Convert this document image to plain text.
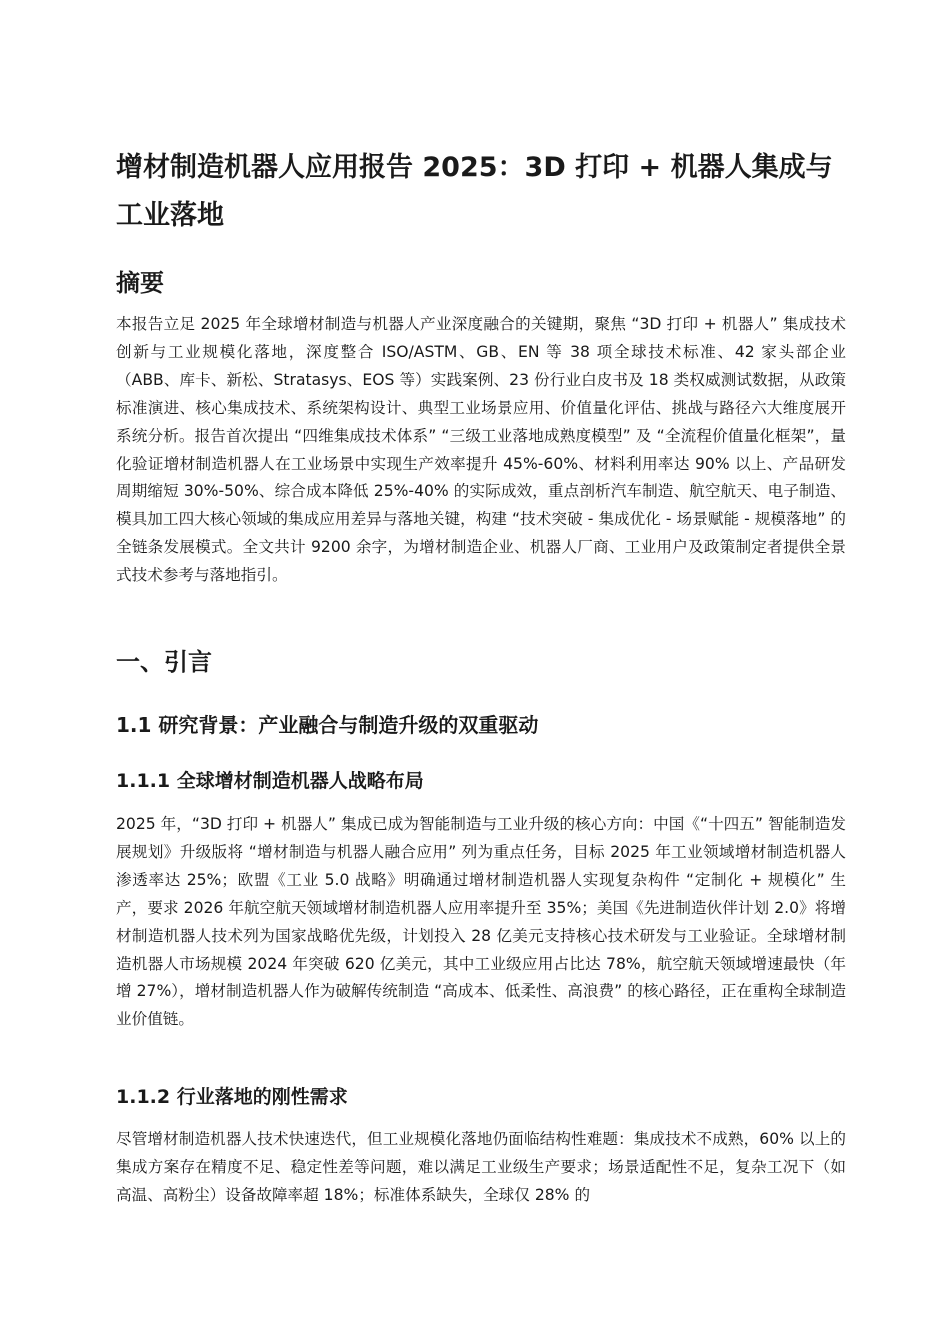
增材制造机器人应用报告 2025：3D 打印 + 机器人集成与工业落地
摘要

本报告立足 2025 年全球增材制造与机器人产业深度融合的关键期，聚焦 “3D 打印 + 机器人” 集成技术创新与工业规模化落地，深度整合 ISO/ASTM、GB、EN 等 38 项全球技术标准、42 家头部企业（ABB、库卡、新松、Stratasys、EOS 等）实践案例、23 份行业白皮书及 18 类权威测试数据，从政策标准演进、核心集成技术、系统架构设计、典型工业场景应用、价值量化评估、挑战与路径六大维度展开系统分析。报告首次提出 “四维集成技术体系” “三级工业落地成熟度模型” 及 “全流程价值量化框架”，量化验证增材制造机器人在工业场景中实现生产效率提升 45%-60%、材料利用率达 90% 以上、产品研发周期缩短 30%-50%、综合成本降低 25%-40% 的实际成效，重点剖析汽车制造、航空航天、电子制造、模具加工四大核心领域的集成应用差异与落地关键，构建 “技术突破 - 集成优化 - 场景赋能 - 规模落地” 的全链条发展模式。全文共计 9200 余字，为增材制造企业、机器人厂商、工业用户及政策制定者提供全景式技术参考与落地指引。

一、引言
1.1 研究背景：产业融合与制造升级的双重驱动
1.1.1 全球增材制造机器人战略布局

2025 年，“3D 打印 + 机器人” 集成已成为智能制造与工业升级的核心方向：中国《“十四五” 智能制造发展规划》升级版将 “增材制造与机器人融合应用” 列为重点任务，目标 2025 年工业领域增材制造机器人渗透率达 25%；欧盟《工业 5.0 战略》明确通过增材制造机器人实现复杂构件 “定制化 + 规模化” 生产，要求 2026 年航空航天领域增材制造机器人应用率提升至 35%；美国《先进制造伙伴计划 2.0》将增材制造机器人技术列为国家战略优先级，计划投入 28 亿美元支持核心技术研发与工业验证。全球增材制造机器人市场规模 2024 年突破 620 亿美元，其中工业级应用占比达 78%，航空航天领域增速最快（年增 27%），增材制造机器人作为破解传统制造 “高成本、低柔性、高浪费” 的核心路径，正在重构全球制造业价值链。

1.1.2 行业落地的刚性需求

尽管增材制造机器人技术快速迭代，但工业规模化落地仍面临结构性难题：集成技术不成熟，60% 以上的集成方案存在精度不足、稳定性差等问题，难以满足工业级生产要求；场景适配性不足，复杂工况下（如高温、高粉尘）设备故障率超 18%；标准体系缺失，全球仅 28% 的
